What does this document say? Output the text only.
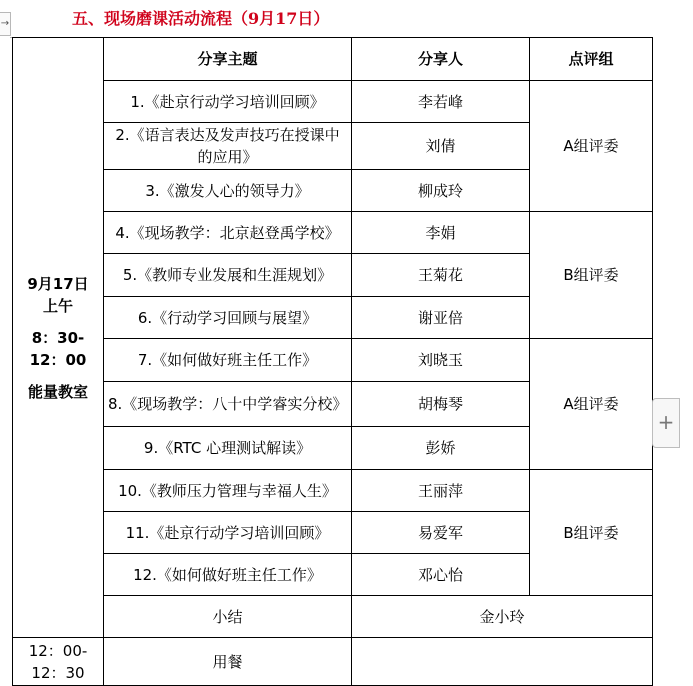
→	五、现场磨课活动流程（9月17日）
9月17日
上午
8：30-12：00
能量教室	分享主题	分享人	点评组
	1.《赴京行动学习培训回顾》	李若峰	A组评委
	2.《语言表达及发声技巧在授课中的应用》	刘倩	
	3.《激发人心的领导力》	柳成玲	
	4.《现场教学：北京赵登禹学校》	李娟	B组评委
	5.《教师专业发展和生涯规划》	王菊花	
	6.《行动学习回顾与展望》	谢亚倍	
	7.《如何做好班主任工作》	刘晓玉	A组评委
	8.《现场教学：八十中学睿实分校》	胡梅琴	
	9.《RTC 心理测试解读》	彭娇	
	10.《教师压力管理与幸福人生》	王丽萍	B组评委
	11.《赴京行动学习培训回顾》	易爱军	
	12.《如何做好班主任工作》	邓心怡	
	小结	金小玲	
12：00-12：30	用餐		
+
